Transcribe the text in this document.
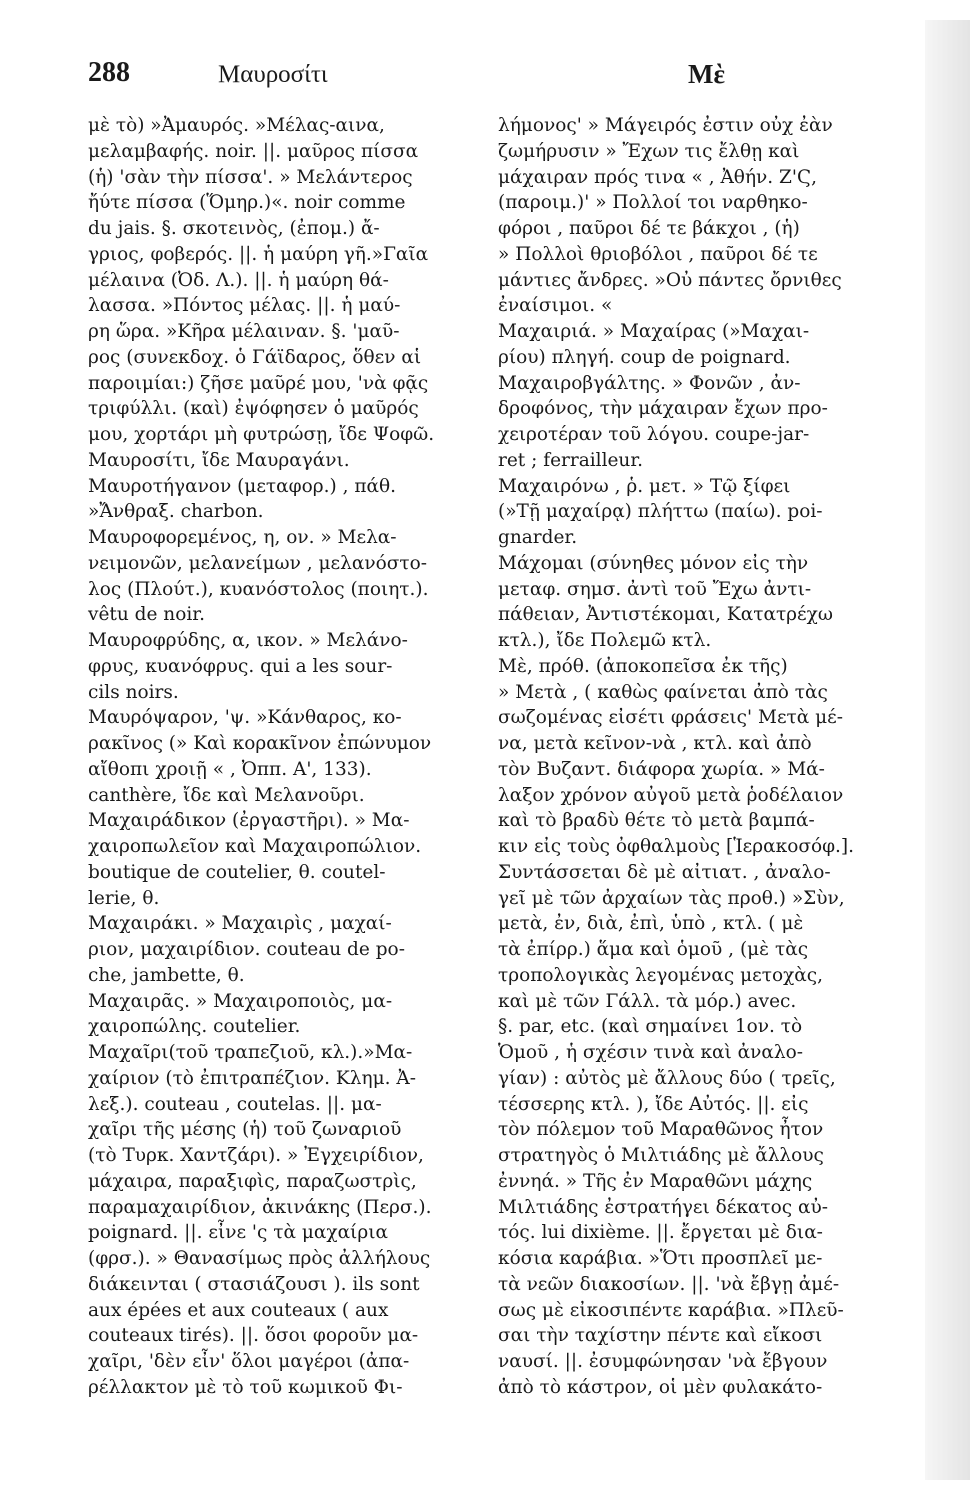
288	Μαυροσίτι	Μὲ
μὲ τὸ) »Ἀμαυρός. »Μέλας-αινα,
μελαμβαφής. noir. ||. μαῦρος πίσσα
(ἡ) 'σὰν τὴν πίσσα'. » Μελάντερος
ἤύτε πίσσα (Ὅμηρ.)«. noir comme
du jais. §. σκοτεινὸς, (ἐπομ.) ἄ-
γριος, φοβερός. ||. ἡ μαύρη γῆ.»Γαῖα
μέλαινα (Ὀδ. Λ.). ||. ἡ μαύρη θά-
λασσα. »Πόντος μέλας. ||. ἡ μαύ-
ρη ὥρα. »Κῆρα μέλαιναν. §. 'μαῦ-
ρος (συνεκδοχ. ὁ Γάϊδαρος, ὅθεν αἱ
παροιμίαι:) ζῆσε μαῦρέ μου, 'νὰ φᾷς
τριφύλλι. (καὶ) ἐψόφησεν ὁ μαῦρός
μου, χορτάρι μὴ φυτρώσῃ, ἴδε Ψοφῶ.
Μαυροσίτι, ἴδε Μαυραγάνι.
Μαυροτήγανον (μεταφορ.) , πάθ.
»Ἄνθραξ. charbon.
Μαυροφορεμένος, η, ον. » Μελα-
νειμονῶν, μελανείμων , μελανόστο-
λος (Πλούτ.), κυανόστολος (ποιητ.).
vêtu de noir.
Μαυροφρύδης, α, ικον. » Μελάνο-
φρυς, κυανόφρυς. qui a les sour-
cils noirs.
Μαυρόψαρον, 'ψ. »Κάνθαρος, κο-
ρακῖνος (» Καὶ κορακῖνον ἐπώνυμον
αἴθοπι χροιῇ « , Ὀππ. Α', 133).
canthère, ἴδε καὶ Μελανοῦρι.
Μαχαιράδικον (ἐργαστῆρι). » Μα-
χαιροπωλεῖον καὶ Μαχαιροπώλιον.
boutique de coutelier, θ. coutel-
lerie, θ.
Μαχαιράκι. » Μαχαιρὶς , μαχαί-
ριον, μαχαιρίδιον. couteau de po-
che, jambette, θ.
Μαχαιρᾶς. » Μαχαιροποιὸς, μα-
χαιροπώλης. coutelier.
Μαχαῖρι(τοῦ τραπεζιοῦ, κλ.).»Μα-
χαίριον (τὸ ἐπιτραπέζιον. Κλημ. Ἀ-
λεξ.). couteau , coutelas. ||. μα-
χαῖρι τῆς μέσης (ἡ) τοῦ ζωναριοῦ
(τὸ Τυρκ. Χαντζάρι). » Ἐγχειρίδιον,
μάχαιρα, παραξιφὶς, παραζωστρὶς,
παραμαχαιρίδιον, ἀκινάκης (Περσ.).
poignard. ||. εἶνε 'ς τὰ μαχαίρια
(φρσ.). » Θανασίμως πρὸς ἀλλήλους
διάκεινται ( στασιάζουσι ). ils sont
aux épées et aux couteaux ( aux
couteaux tirés). ||. ὅσοι φοροῦν μα-
χαῖρι, 'δὲν εἶν' ὅλοι μαγέροι (ἀπα-
ρέλλακτον μὲ τὸ τοῦ κωμικοῦ Φι-
λήμονος' » Μάγειρός ἐστιν οὐχ ἐὰν
ζωμήρυσιν » Ἔχων τις ἔλθῃ καὶ
μάχαιραν πρός τινα « , Ἀθήν. Ζ'Ϛ,
(παροιμ.)' » Πολλοί τοι ναρθηκο-
φόροι , παῦροι δέ τε βάκχοι , (ἡ)
» Πολλοὶ θριοβόλοι , παῦροι δέ τε
μάντιες ἄνδρες. »Οὐ πάντες ὄρνιθες
ἐναίσιμοι. «
Μαχαιριά. » Μαχαίρας (»Μαχαι-
ρίου) πληγή. coup de poignard.
Μαχαιροβγάλτης. » Φονῶν , ἀν-
δροφόνος, τὴν μάχαιραν ἔχων προ-
χειροτέραν τοῦ λόγου. coupe-jar-
ret ; ferrailleur.
Μαχαιρόνω , ῥ. μετ. » Τῷ ξίφει
(»Τῇ μαχαίρᾳ) πλήττω (παίω). poi-
gnarder.
Μάχομαι (σύνηθες μόνον εἰς τὴν
μεταφ. σημσ. ἀντὶ τοῦ Ἔχω ἀντι-
πάθειαν, Ἀντιστέκομαι, Κατατρέχω
κτλ.), ἴδε Πολεμῶ κτλ.
Μὲ, πρόθ. (ἀποκοπεῖσα ἐκ τῆς)
» Μετὰ , ( καθὼς φαίνεται ἀπὸ τὰς
σωζομένας εἰσέτι φράσεις' Μετὰ μέ-
να, μετὰ κεῖνον-νὰ , κτλ. καὶ ἀπὸ
τὸν Βυζαντ. διάφορα χωρία. » Μά-
λαξον χρόνον αὐγοῦ μετὰ ῥοδέλαιον
καὶ τὸ βραδὺ θέτε τὸ μετὰ βαμπά-
κιν εἰς τοὺς ὀφθαλμοὺς [Ἱερακοσόφ.].
Συντάσσεται δὲ μὲ αἰτιατ. , ἀναλο-
γεῖ μὲ τῶν ἀρχαίων τὰς προθ.) »Σὺν,
μετὰ, ἐν, διὰ, ἐπὶ, ὑπὸ , κτλ. ( μὲ
τὰ ἐπίρρ.) ἅμα καὶ ὁμοῦ , (μὲ τὰς
τροπολογικὰς λεγομένας μετοχὰς,
καὶ μὲ τῶν Γάλλ. τὰ μόρ.) avec.
§. par, etc. (καὶ σημαίνει 1ον. τὸ
Ὁμοῦ , ἡ σχέσιν τινὰ καὶ ἀναλο-
γίαν) : αὐτὸς μὲ ἄλλους δύο ( τρεῖς,
τέσσερης κτλ. ), ἴδε Αὐτός. ||. εἰς
τὸν πόλεμον τοῦ Μαραθῶνος ἦτον
στρατηγὸς ὁ Μιλτιάδης μὲ ἄλλους
ἐννηά. » Τῆς ἐν Μαραθῶνι μάχης
Μιλτιάδης ἐστρατήγει δέκατος αὐ-
τός. lui dixième. ||. ἔργεται μὲ δια-
κόσια καράβια. »Ὅτι προσπλεῖ με-
τὰ νεῶν διακοσίων. ||. 'νὰ ἔβγῃ ἀμέ-
σως μὲ εἰκοσιπέντε καράβια. »Πλεῦ-
σαι τὴν ταχίστην πέντε καὶ εἴκοσι
ναυσί. ||. ἐσυμφώνησαν 'νὰ ἔβγουν
ἀπὸ τὸ κάστρον, οἱ μὲν φυλακάτο-
